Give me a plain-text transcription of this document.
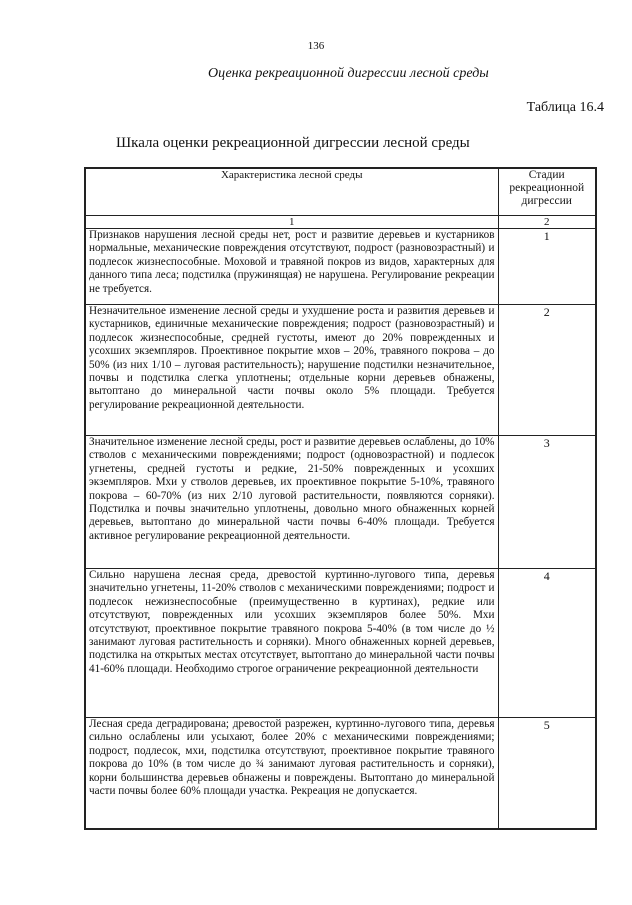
136
Оценка рекреационной дигрессии лесной среды
Таблица 16.4
Шкала оценки рекреационной дигрессии лесной среды
Характеристика лесной среды	Стадии рекреационной дигрессии
1	2
Признаков нарушения лесной среды нет, рост и развитие деревьев и кустарников нормальные, механические повреждения отсутствуют, подрост (разновозрастный) и подлесок жизнеспособные. Моховой и травяной покров из видов, характерных для данного типа леса; подстилка (пружинящая) не нарушена. Регулирование рекреации не требуется.	1
Незначительное изменение лесной среды и ухудшение роста и развития деревьев и кустарников, единичные механические повреждения; подрост (разновозрастный) и подлесок жизнеспособные, средней густоты, имеют до 20% поврежденных и усохших экземпляров. Проективное покрытие мхов – 20%, травяного покрова – до 50% (из них 1/10 – луговая растительность); нарушение подстилки незначительное, почвы и подстилка слегка уплотнены; отдельные корни деревьев обнажены, вытоптано до минеральной части почвы около 5% площади. Требуется регулирование рекреационной деятельности.	2
Значительное изменение лесной среды, рост и развитие деревьев ослаблены, до 10% стволов с механическими повреждениями; подрост (одновозрастной) и подлесок угнетены, средней густоты и редкие, 21-50% поврежденных и усохших экземпляров. Мхи у стволов деревьев, их проективное покрытие 5-10%, травяного покрова – 60-70% (из них 2/10 луговой растительности, появляются сорняки). Подстилка и почвы значительно уплотнены, довольно много обнаженных корней деревьев, вытоптано до минеральной части почвы 6-40% площади. Требуется активное регулирование рекреационной деятельности.	3
Сильно нарушена лесная среда, древостой куртинно-лугового типа, деревья значительно угнетены, 11-20% стволов с механическими повреждениями; подрост и подлесок нежизнеспособные (преимущественно в куртинах), редкие или отсутствуют, поврежденных или усохших экземпляров более 50%. Мхи отсутствуют, проективное покрытие травяного покрова 5-40% (в том числе до ½ занимают луговая растительность и сорняки). Много обнаженных корней деревьев, подстилка на открытых местах отсутствует, вытоптано до минеральной части почвы 41-60% площади. Необходимо строгое ограничение рекреационной деятельности	4
Лесная среда деградирована; древостой разрежен, куртинно-лугового типа, деревья сильно ослаблены или усыхают, более 20% с механическими повреждениями; подрост, подлесок, мхи, подстилка отсутствуют, проективное покрытие травяного покрова до 10% (в том числе до ¾ занимают луговая растительность и сорняки), корни большинства деревьев обнажены и повреждены. Вытоптано до минеральной части почвы более 60% площади участка. Рекреация не допускается.	5
